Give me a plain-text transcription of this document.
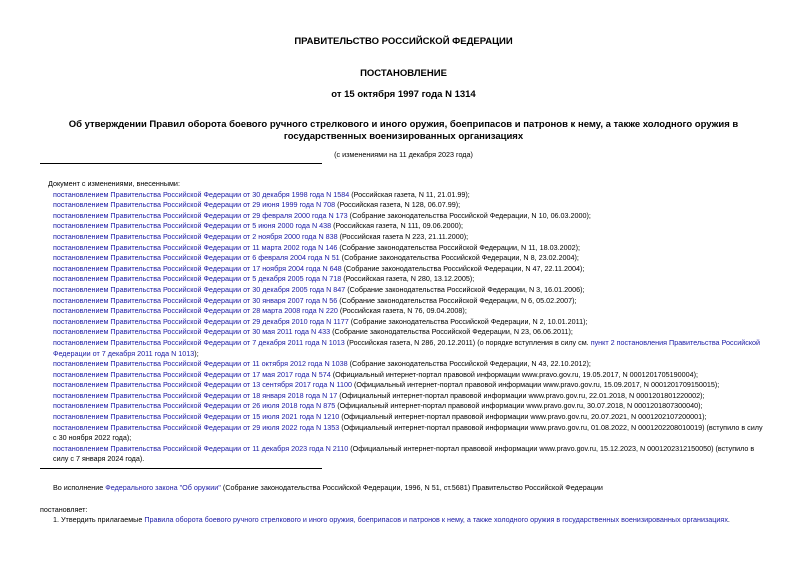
ПРАВИТЕЛЬСТВО РОССИЙСКОЙ ФЕДЕРАЦИИ
ПОСТАНОВЛЕНИЕ
от 15 октября 1997 года N 1314
Об утверждении Правил оборота боевого ручного стрелкового и иного оружия, боеприпасов и патронов к нему, а также холодного оружия в государственных военизированных организациях
(с изменениями на 11 декабря 2023 года)
Документ с изменениями, внесенными:
постановлением Правительства Российской Федерации от 30 декабря 1998 года N 1584 (Российская газета, N 11, 21.01.99);
постановлением Правительства Российской Федерации от 29 июня 1999 года N 708 (Российская газета, N 128, 06.07.99);
постановлением Правительства Российской Федерации от 29 февраля 2000 года N 173 (Собрание законодательства Российской Федерации, N 10, 06.03.2000);
постановлением Правительства Российской Федерации от 5 июня 2000 года N 438 (Российская газета, N 111, 09.06.2000);
постановлением Правительства Российской Федерации от 2 ноября 2000 года N 838 (Российская газета N 223, 21.11.2000);
постановлением Правительства Российской Федерации от 11 марта 2002 года N 146 (Собрание законодательства Российской Федерации, N 11, 18.03.2002);
постановлением Правительства Российской Федерации от 6 февраля 2004 года N 51 (Собрание законодательства Российской Федерации, N 8, 23.02.2004);
постановлением Правительства Российской Федерации от 17 ноября 2004 года N 648 (Собрание законодательства Российской Федерации, N 47, 22.11.2004);
постановлением Правительства Российской Федерации от 5 декабря 2005 года N 718 (Российская газета, N 280, 13.12.2005);
постановлением Правительства Российской Федерации от 30 декабря 2005 года N 847 (Собрание законодательства Российской Федерации, N 3, 16.01.2006);
постановлением Правительства Российской Федерации от 30 января 2007 года N 56 (Собрание законодательства Российской Федерации, N 6, 05.02.2007);
постановлением Правительства Российской Федерации от 28 марта 2008 года N 220 (Российская газета, N 76, 09.04.2008);
постановлением Правительства Российской Федерации от 29 декабря 2010 года N 1177 (Собрание законодательства Российской Федерации, N 2, 10.01.2011);
постановлением Правительства Российской Федерации от 30 мая 2011 года N 433 (Собрание законодательства Российской Федерации, N 23, 06.06.2011);
постановлением Правительства Российской Федерации от 7 декабря 2011 года N 1013 (Российская газета, N 286, 20.12.2011) (о порядке вступления в силу см. пункт 2 постановления Правительства Российской Федерации от 7 декабря 2011 года N 1013);
постановлением Правительства Российской Федерации от 11 октября 2012 года N 1038 (Собрание законодательства Российской Федерации, N 43, 22.10.2012);
постановлением Правительства Российской Федерации от 17 мая 2017 года N 574 (Официальный интернет-портал правовой информации www.pravo.gov.ru, 19.05.2017, N 0001201705190004);
постановлением Правительства Российской Федерации от 13 сентября 2017 года N 1100 (Официальный интернет-портал правовой информации www.pravo.gov.ru, 15.09.2017, N 0001201709150015);
постановлением Правительства Российской Федерации от 18 января 2018 года N 17 (Официальный интернет-портал правовой информации www.pravo.gov.ru, 22.01.2018, N 0001201801220002);
постановлением Правительства Российской Федерации от 26 июля 2018 года N 875 (Официальный интернет-портал правовой информации www.pravo.gov.ru, 30.07.2018, N 0001201807300040);
постановлением Правительства Российской Федерации от 15 июля 2021 года N 1210 (Официальный интернет-портал правовой информации www.pravo.gov.ru, 20.07.2021, N 0001202107200001);
постановлением Правительства Российской Федерации от 29 июля 2022 года N 1353 (Официальный интернет-портал правовой информации www.pravo.gov.ru, 01.08.2022, N 0001202208010019) (вступило в силу с 30 ноября 2022 года);
постановлением Правительства Российской Федерации от 11 декабря 2023 года N 2110 (Официальный интернет-портал правовой информации www.pravo.gov.ru, 15.12.2023, N 0001202312150050) (вступило в силу с 7 января 2024 года).
Во исполнение Федерального закона "Об оружии" (Собрание законодательства Российской Федерации, 1996, N 51, ст.5681) Правительство Российской Федерации
постановляет:
1. Утвердить прилагаемые Правила оборота боевого ручного стрелкового и иного оружия, боеприпасов и патронов к нему, а также холодного оружия в государственных военизированных организациях.
